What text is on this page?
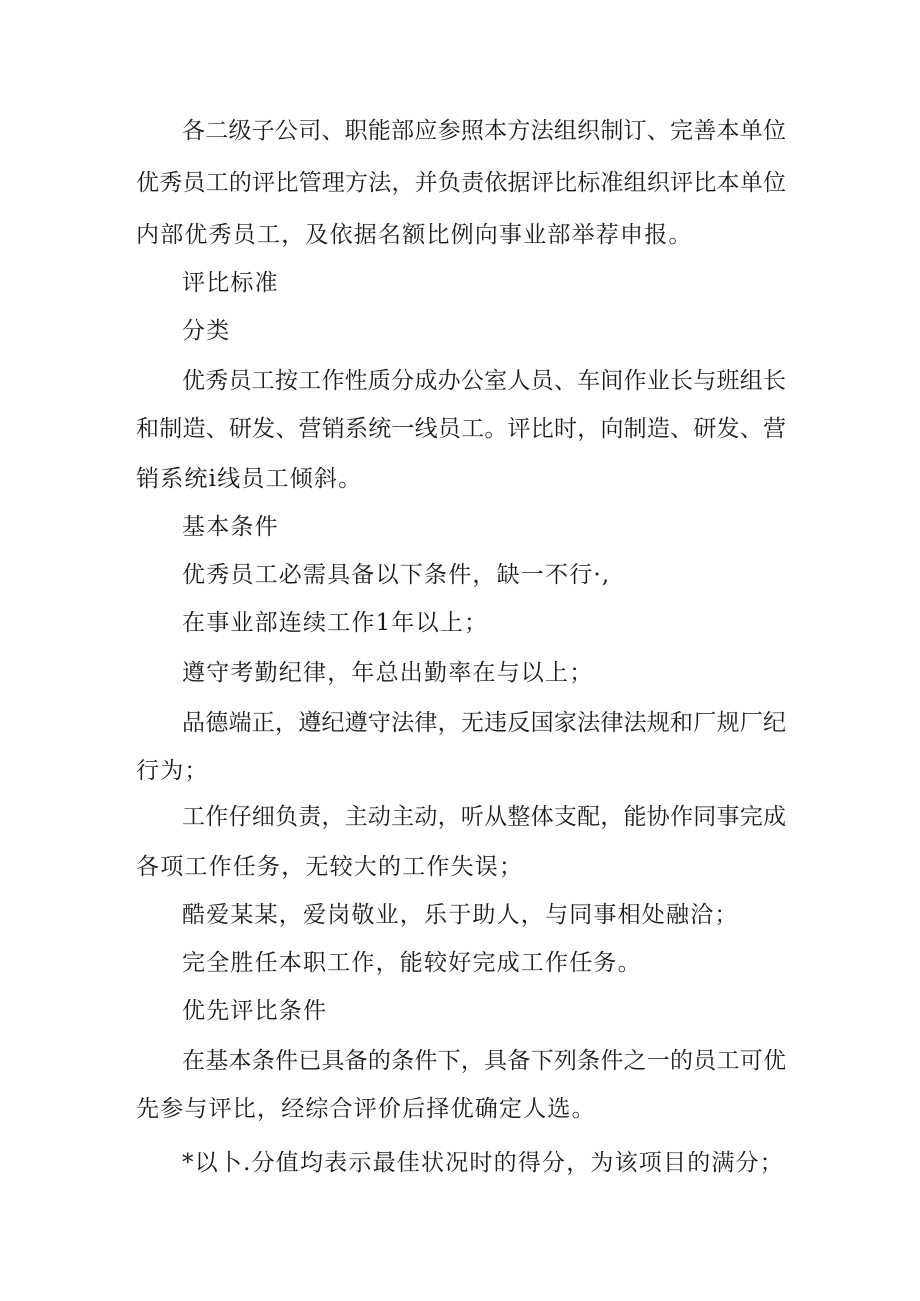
各二级子公司、职能部应参照本方法组织制订、完善本单位
优秀员工的评比管理方法，并负责依据评比标准组织评比本单位
内部优秀员工，及依据名额比例向事业部举荐申报。
评比标准
分类
优秀员工按工作性质分成办公室人员、车间作业长与班组长
和制造、研发、营销系统一线员工。评比时，向制造、研发、营
销系统i线员工倾斜。
基本条件
优秀员工必需具备以下条件，缺一不行·,
在事业部连续工作1年以上；
遵守考勤纪律，年总出勤率在与以上；
品德端正，遵纪遵守法律，无违反国家法律法规和厂规厂纪
行为；
工作仔细负责，主动主动，听从整体支配，能协作同事完成
各项工作任务，无较大的工作失误；
酷爱某某，爱岗敬业，乐于助人，与同事相处融洽；
完全胜任本职工作，能较好完成工作任务。
优先评比条件
在基本条件已具备的条件下，具备下列条件之一的员工可优
先参与评比，经综合评价后择优确定人选。
*以卜.分值均表示最佳状况时的得分，为该项目的满分；
